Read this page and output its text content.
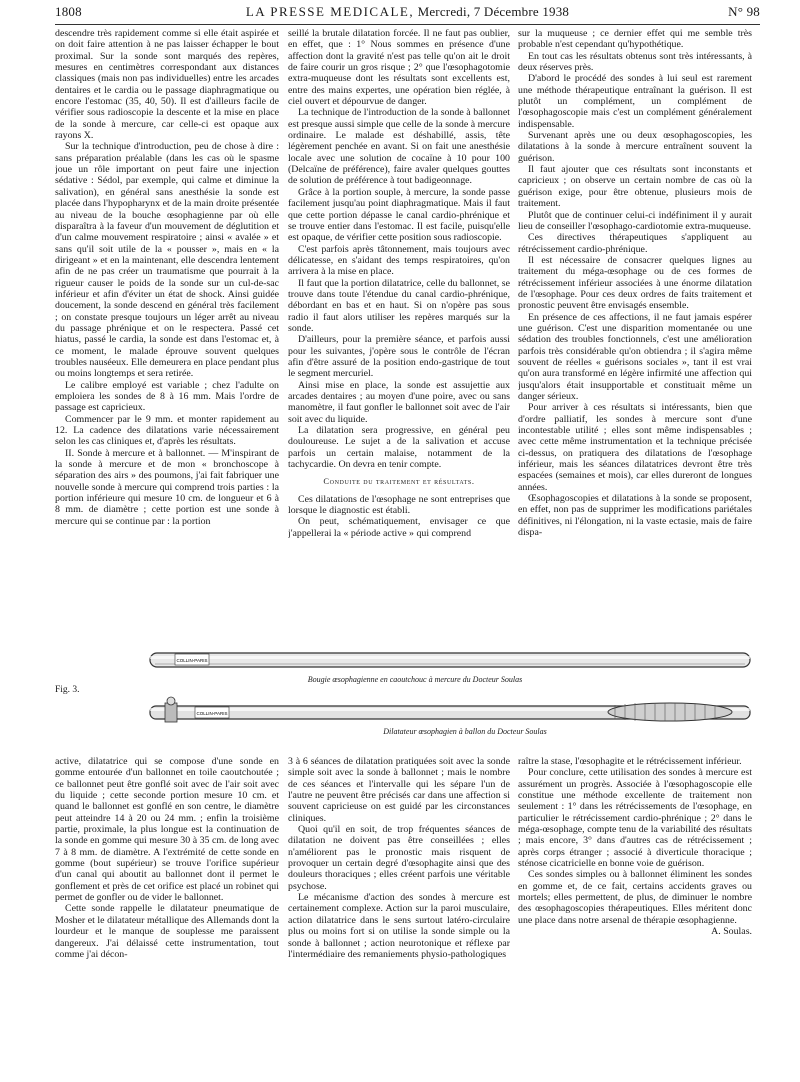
1808	LA PRESSE MEDICALE, Mercredi, 7 Décembre 1938	N° 98

descendre très rapidement comme si elle était aspirée et on doit faire attention à ne pas laisser échapper le bout proximal. Sur la sonde sont marqués des repères, mesures en centimètres correspondant aux distances classiques (mais non pas individuelles) entre les arcades dentaires et le cardia ou le passage diaphragmatique ou encore l'estomac (35, 40, 50). Il est d'ailleurs facile de vérifier sous radioscopie la descente et la mise en place de la sonde à mercure, car celle-ci est opaque aux rayons X.

Sur la technique d'introduction, peu de chose à dire : sans préparation préalable (dans les cas où le spasme joue un rôle important on peut faire une injection sédative : Sédol, par exemple, qui calme et diminue la salivation), en général sans anesthésie la sonde est placée dans l'hypopharynx et de la main droite présentée au niveau de la bouche œsophagienne par où elle disparaîtra à la faveur d'un mouvement de déglutition et d'un calme mouvement respiratoire ; ainsi « avalée » et sans qu'il soit utile de la « pousser », mais en « la dirigeant » et en la maintenant, elle descendra lentement afin de ne pas créer un traumatisme que pourrait à la rigueur causer le poids de la sonde sur un cul-de-sac inférieur et afin d'éviter un état de shock. Ainsi guidée doucement, la sonde descend en général très facilement ; on constate presque toujours un léger arrêt au niveau du passage phrénique et on le respectera. Passé cet hiatus, passé le cardia, la sonde est dans l'estomac et, à ce moment, le malade éprouve souvent quelques troubles nauséeux. Elle demeurera en place pendant plus ou moins longtemps et sera retirée.

Le calibre employé est variable ; chez l'adulte on emploiera les sondes de 8 à 16 mm. Mais l'ordre de passage est capricieux.

Commencer par le 9 mm. et monter rapidement au 12. La cadence des dilatations varie nécessairement selon les cas cliniques et, d'après les résultats.

II. Sonde à mercure et à ballonnet. — M'inspirant de la sonde à mercure et de mon « bronchoscope à séparation des airs » des poumons, j'ai fait fabriquer une nouvelle sonde à mercure qui comprend trois parties : la portion inférieure qui mesure 10 cm. de longueur et 6 à 8 mm. de diamètre ; cette portion est une sonde à mercure qui se continue par : la portion

seillé la brutale dilatation forcée. Il ne faut pas oublier, en effet, que : 1° Nous sommes en présence d'une affection dont la gravité n'est pas telle qu'on ait le droit de faire courir un gros risque ; 2° que l'œsophagotomie extra-muqueuse dont les résultats sont excellents est, entre des mains expertes, une opération bien réglée, à ciel ouvert et dépourvue de danger.

La technique de l'introduction de la sonde à ballonnet est presque aussi simple que celle de la sonde à mercure ordinaire. Le malade est déshabillé, assis, tête légèrement penchée en avant. Si on fait une anesthésie locale avec une solution de cocaïne à 10 pour 100 (Delcaïne de préférence), faire avaler quelques gouttes de solution de préférence à tout badigeonnage.

Grâce à la portion souple, à mercure, la sonde passe facilement jusqu'au point diaphragmatique. Mais il faut que cette portion dépasse le canal cardio-phrénique et se trouve entier dans l'estomac. Il est facile, puisqu'elle est opaque, de vérifier cette position sous radioscopie.

C'est parfois après tâtonnement, mais toujours avec délicatesse, en s'aidant des temps respiratoires, qu'on arrivera à la mise en place.

Il faut que la portion dilatatrice, celle du ballonnet, se trouve dans toute l'étendue du canal cardio-phrénique, débordant en bas et en haut. Si on n'opère pas sous radio il faut alors utiliser les repères marqués sur la sonde.

D'ailleurs, pour la première séance, et parfois aussi pour les suivantes, j'opère sous le contrôle de l'écran afin d'être assuré de la position endo-gastrique de tout le segment mercuriel.

Ainsi mise en place, la sonde est assujettie aux arcades dentaires ; au moyen d'une poire, avec ou sans manomètre, il faut gonfler le ballonnet soit avec de l'air soit avec du liquide.

La dilatation sera progressive, en général peu douloureuse. Le sujet a de la salivation et accuse parfois un certain malaise, notamment de la tachycardie. On devra en tenir compte.

Conduite du traitement et résultats.

Ces dilatations de l'œsophage ne sont entreprises que lorsque le diagnostic est établi.

On peut, schématiquement, envisager ce que j'appellerai la « période active » qui comprend

sur la muqueuse ; ce dernier effet qui me semble très probable n'est cependant qu'hypothétique.

En tout cas les résultats obtenus sont très intéressants, à deux réserves près.

D'abord le procédé des sondes à lui seul est rarement une méthode thérapeutique entraînant la guérison. Il est plutôt un complément, un complément de l'œsophagoscopie mais c'est un complément généralement indispensable.

Survenant après une ou deux œsophagoscopies, les dilatations à la sonde à mercure entraînent souvent la guérison.

Il faut ajouter que ces résultats sont inconstants et capricieux ; on observe un certain nombre de cas où la guérison exige, pour être obtenue, plusieurs mois de traitement.

Plutôt que de continuer celui-ci indéfiniment il y aurait lieu de conseiller l'œsophago-cardiotomie extra-muqueuse.

Ces directives thérapeutiques s'appliquent au rétrécissement cardio-phrénique.

Il est nécessaire de consacrer quelques lignes au traitement du méga-œsophage ou de ces formes de rétrécissement inférieur associées à une énorme dilatation de l'œsophage. Pour ces deux ordres de faits traitement et pronostic peuvent être envisagés ensemble.

En présence de ces affections, il ne faut jamais espérer une guérison. C'est une disparition momentanée ou une sédation des troubles fonctionnels, c'est une amélioration parfois très considérable qu'on obtiendra ; il s'agira même souvent de réelles « guérisons sociales », tant il est vrai qu'on aura transformé en légère infirmité une affection qui jusqu'alors était insupportable et constituait même un danger sérieux.

Pour arriver à ces résultats si intéressants, bien que d'ordre palliatif, les sondes à mercure sont d'une incontestable utilité ; elles sont même indispensables ; avec cette même instrumentation et la technique précisée ci-dessus, on pratiquera des dilatations de l'œsophage inférieur, mais les séances dilatatrices devront être très espacées (semaines et mois), car elles dureront de longues années.

Œsophagoscopies et dilatations à la sonde se proposent, en effet, non pas de supprimer les modifications pariétales définitives, ni l'élongation, ni la vaste ectasie, mais de faire dispa-

COLLIN-PARIS
COLLIN-PARIS
Fig. 3.
Bougie œsophagienne en caoutchouc à mercure du Docteur Soulas
Dilatateur œsophagien à ballon du Docteur Soulas

active, dilatatrice qui se compose d'une sonde en gomme entourée d'un ballonnet en toile caoutchoutée ; ce ballonnet peut être gonflé soit avec de l'air soit avec du liquide ; cette seconde portion mesure 10 cm. et quand le ballonnet est gonflé en son centre, le diamètre peut atteindre 14 à 20 ou 24 mm. ; enfin la troisième partie, proximale, la plus longue est la continuation de la sonde en gomme qui mesure 30 à 35 cm. de long avec 7 à 8 mm. de diamètre. A l'extrémité de cette sonde en gomme (bout supérieur) se trouve l'orifice supérieur d'un canal qui aboutit au ballonnet dont il permet le gonflement et près de cet orifice est placé un robinet qui permet de gonfler ou de vider le ballonnet.

Cette sonde rappelle le dilatateur pneumatique de Mosher et le dilatateur métallique des Allemands dont la lourdeur et le manque de souplesse me paraissent dangereux. J'ai délaissé cette instrumentation, tout comme j'ai décon-

3 à 6 séances de dilatation pratiquées soit avec la sonde simple soit avec la sonde à ballonnet ; mais le nombre de ces séances et l'intervalle qui les sépare l'un de l'autre ne peuvent être précisés car dans une affection si souvent capricieuse on est guidé par les circonstances cliniques.

Quoi qu'il en soit, de trop fréquentes séances de dilatation ne doivent pas être conseillées ; elles n'améliorent pas le pronostic mais risquent de provoquer un certain degré d'œsophagite ainsi que des douleurs thoraciques ; elles créent parfois une véritable psychose.

Le mécanisme d'action des sondes à mercure est certainement complexe. Action sur la paroi musculaire, action dilatatrice dans le sens surtout latéro-circulaire plus ou moins fort si on utilise la sonde simple ou la sonde à ballonnet ; action neurotonique et réflexe par l'intermédiaire des remaniements physio-pathologiques

raître la stase, l'œsophagite et le rétrécissement inférieur.

Pour conclure, cette utilisation des sondes à mercure est assurément un progrès. Associée à l'œsophagoscopie elle constitue une méthode excellente de traitement non seulement : 1° dans les rétrécissements de l'œsophage, en particulier le rétrécissement cardio-phrénique ; 2° dans le méga-œsophage, compte tenu de la variabilité des résultats ; mais encore, 3° dans d'autres cas de rétrécissement ; après corps étranger ; associé à diverticule thoracique ; sténose cicatricielle en bonne voie de guérison.

Ces sondes simples ou à ballonnet éliminent les sondes en gomme et, de ce fait, certains accidents graves ou mortels; elles permettent, de plus, de diminuer le nombre des œsophagoscopies thérapeutiques. Elles méritent donc une place dans notre arsenal de thérapie œsophagienne.

A. Soulas.
